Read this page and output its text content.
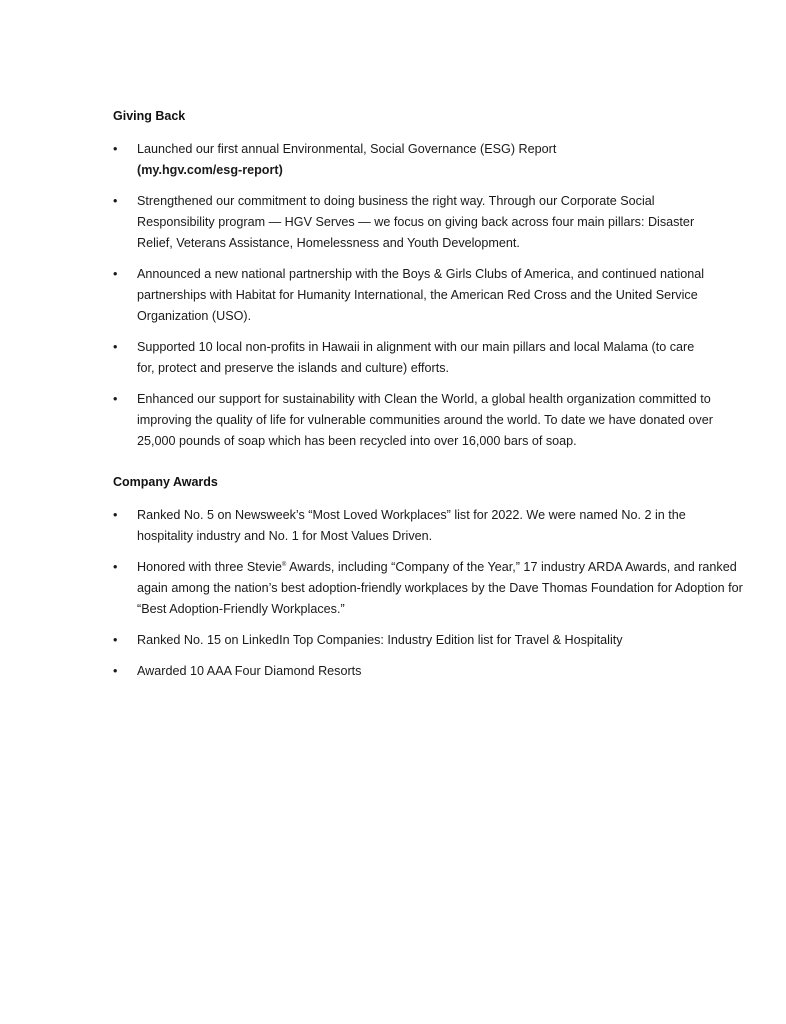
Giving Back
• Launched our first annual Environmental, Social Governance (ESG) Report
(my.hgv.com/esg-report)
• Strengthened our commitment to doing business the right way. Through our Corporate Social Responsibility program — HGV Serves — we focus on giving back across four main pillars: Disaster Relief, Veterans Assistance, Homelessness and Youth Development.
• Announced a new national partnership with the Boys & Girls Clubs of America, and continued national partnerships with Habitat for Humanity International, the American Red Cross and the United Service Organization (USO).
• Supported 10 local non-profits in Hawaii in alignment with our main pillars and local Malama (to care for, protect and preserve the islands and culture) efforts.
• Enhanced our support for sustainability with Clean the World, a global health organization committed to improving the quality of life for vulnerable communities around the world. To date we have donated over 25,000 pounds of soap which has been recycled into over 16,000 bars of soap.
Company Awards
• Ranked No. 5 on Newsweek’s “Most Loved Workplaces” list for 2022. We were named No. 2 in the hospitality industry and No. 1 for Most Values Driven.
• Honored with three Stevie® Awards, including “Company of the Year,” 17 industry ARDA Awards, and ranked again among the nation’s best adoption-friendly workplaces by the Dave Thomas Foundation for Adoption for “Best Adoption-Friendly Workplaces.”
• Ranked No. 15 on LinkedIn Top Companies: Industry Edition list for Travel & Hospitality
• Awarded 10 AAA Four Diamond Resorts
